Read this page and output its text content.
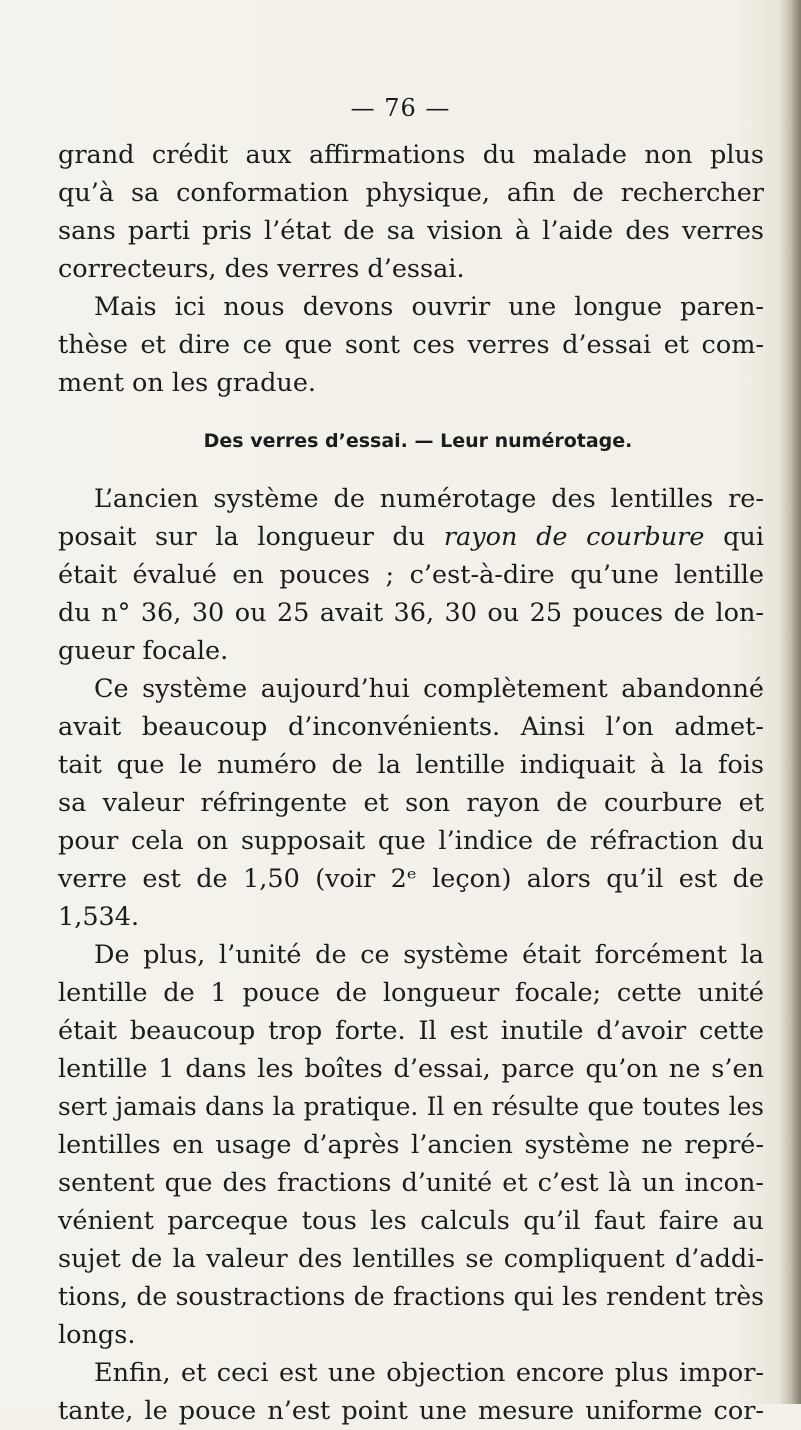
— 76 —
grand crédit aux affirmations du malade non plus
qu’à sa conformation physique, afin de rechercher
sans parti pris l’état de sa vision à l’aide des verres
correcteurs, des verres d’essai.
Mais ici nous devons ouvrir une longue paren-
thèse et dire ce que sont ces verres d’essai et com-
ment on les gradue.
Des verres d’essai. — Leur numérotage.
L’ancien système de numérotage des lentilles re-
posait sur la longueur du rayon de courbure qui
était évalué en pouces ; c’est-à-dire qu’une lentille
du n° 36, 30 ou 25 avait 36, 30 ou 25 pouces de lon-
gueur focale.
Ce système aujourd’hui complètement abandonné
avait beaucoup d’inconvénients. Ainsi l’on admet-
tait que le numéro de la lentille indiquait à la fois
sa valeur réfringente et son rayon de courbure et
pour cela on supposait que l’indice de réfraction du
verre est de 1,50 (voir 2ᵉ leçon) alors qu’il est de
1,534.
De plus, l’unité de ce système était forcément la
lentille de 1 pouce de longueur focale; cette unité
était beaucoup trop forte. Il est inutile d’avoir cette
lentille 1 dans les boîtes d’essai, parce qu’on ne s’en
sert jamais dans la pratique. Il en résulte que toutes les
lentilles en usage d’après l’ancien système ne repré-
sentent que des fractions d’unité et c’est là un incon-
vénient parceque tous les calculs qu’il faut faire au
sujet de la valeur des lentilles se compliquent d’addi-
tions, de soustractions de fractions qui les rendent très
longs.
Enfin, et ceci est une objection encore plus impor-
tante, le pouce n’est point une mesure uniforme cor-
